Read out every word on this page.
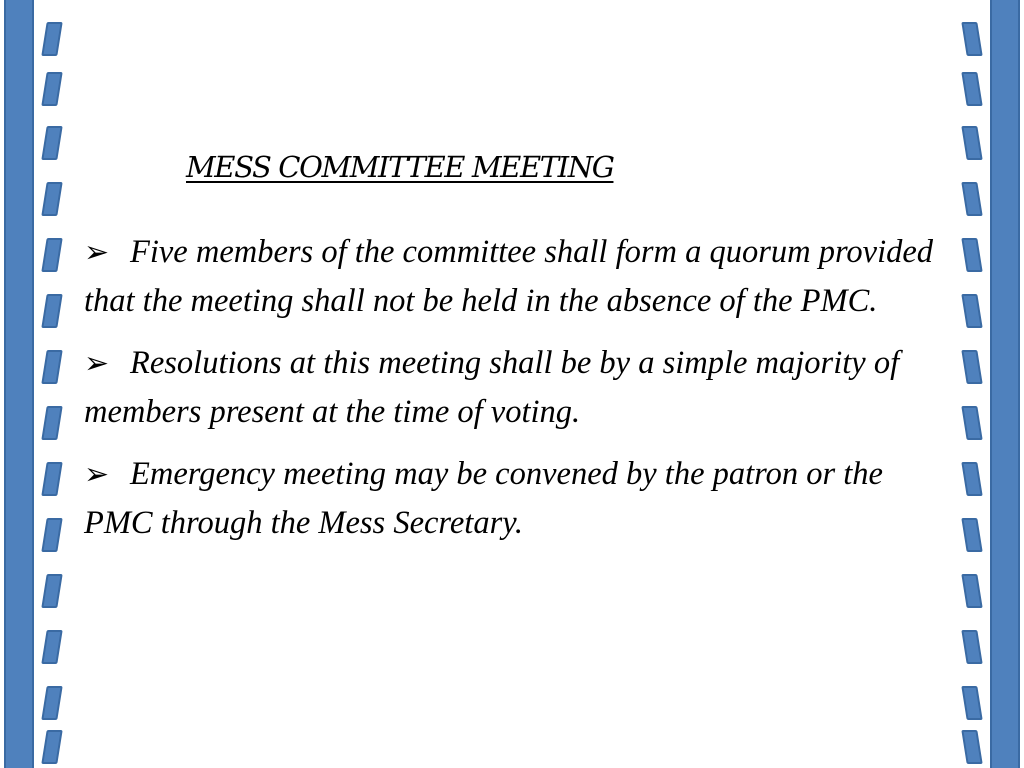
MESS COMMITTEE MEETING
➢ Five members of the committee shall form a quorum provided that the meeting shall not be held in the absence of the PMC.
➢ Resolutions at this meeting shall be by a simple majority of members present at the time of voting.
➢ Emergency meeting may be convened by the patron or the PMC through the Mess Secretary.
